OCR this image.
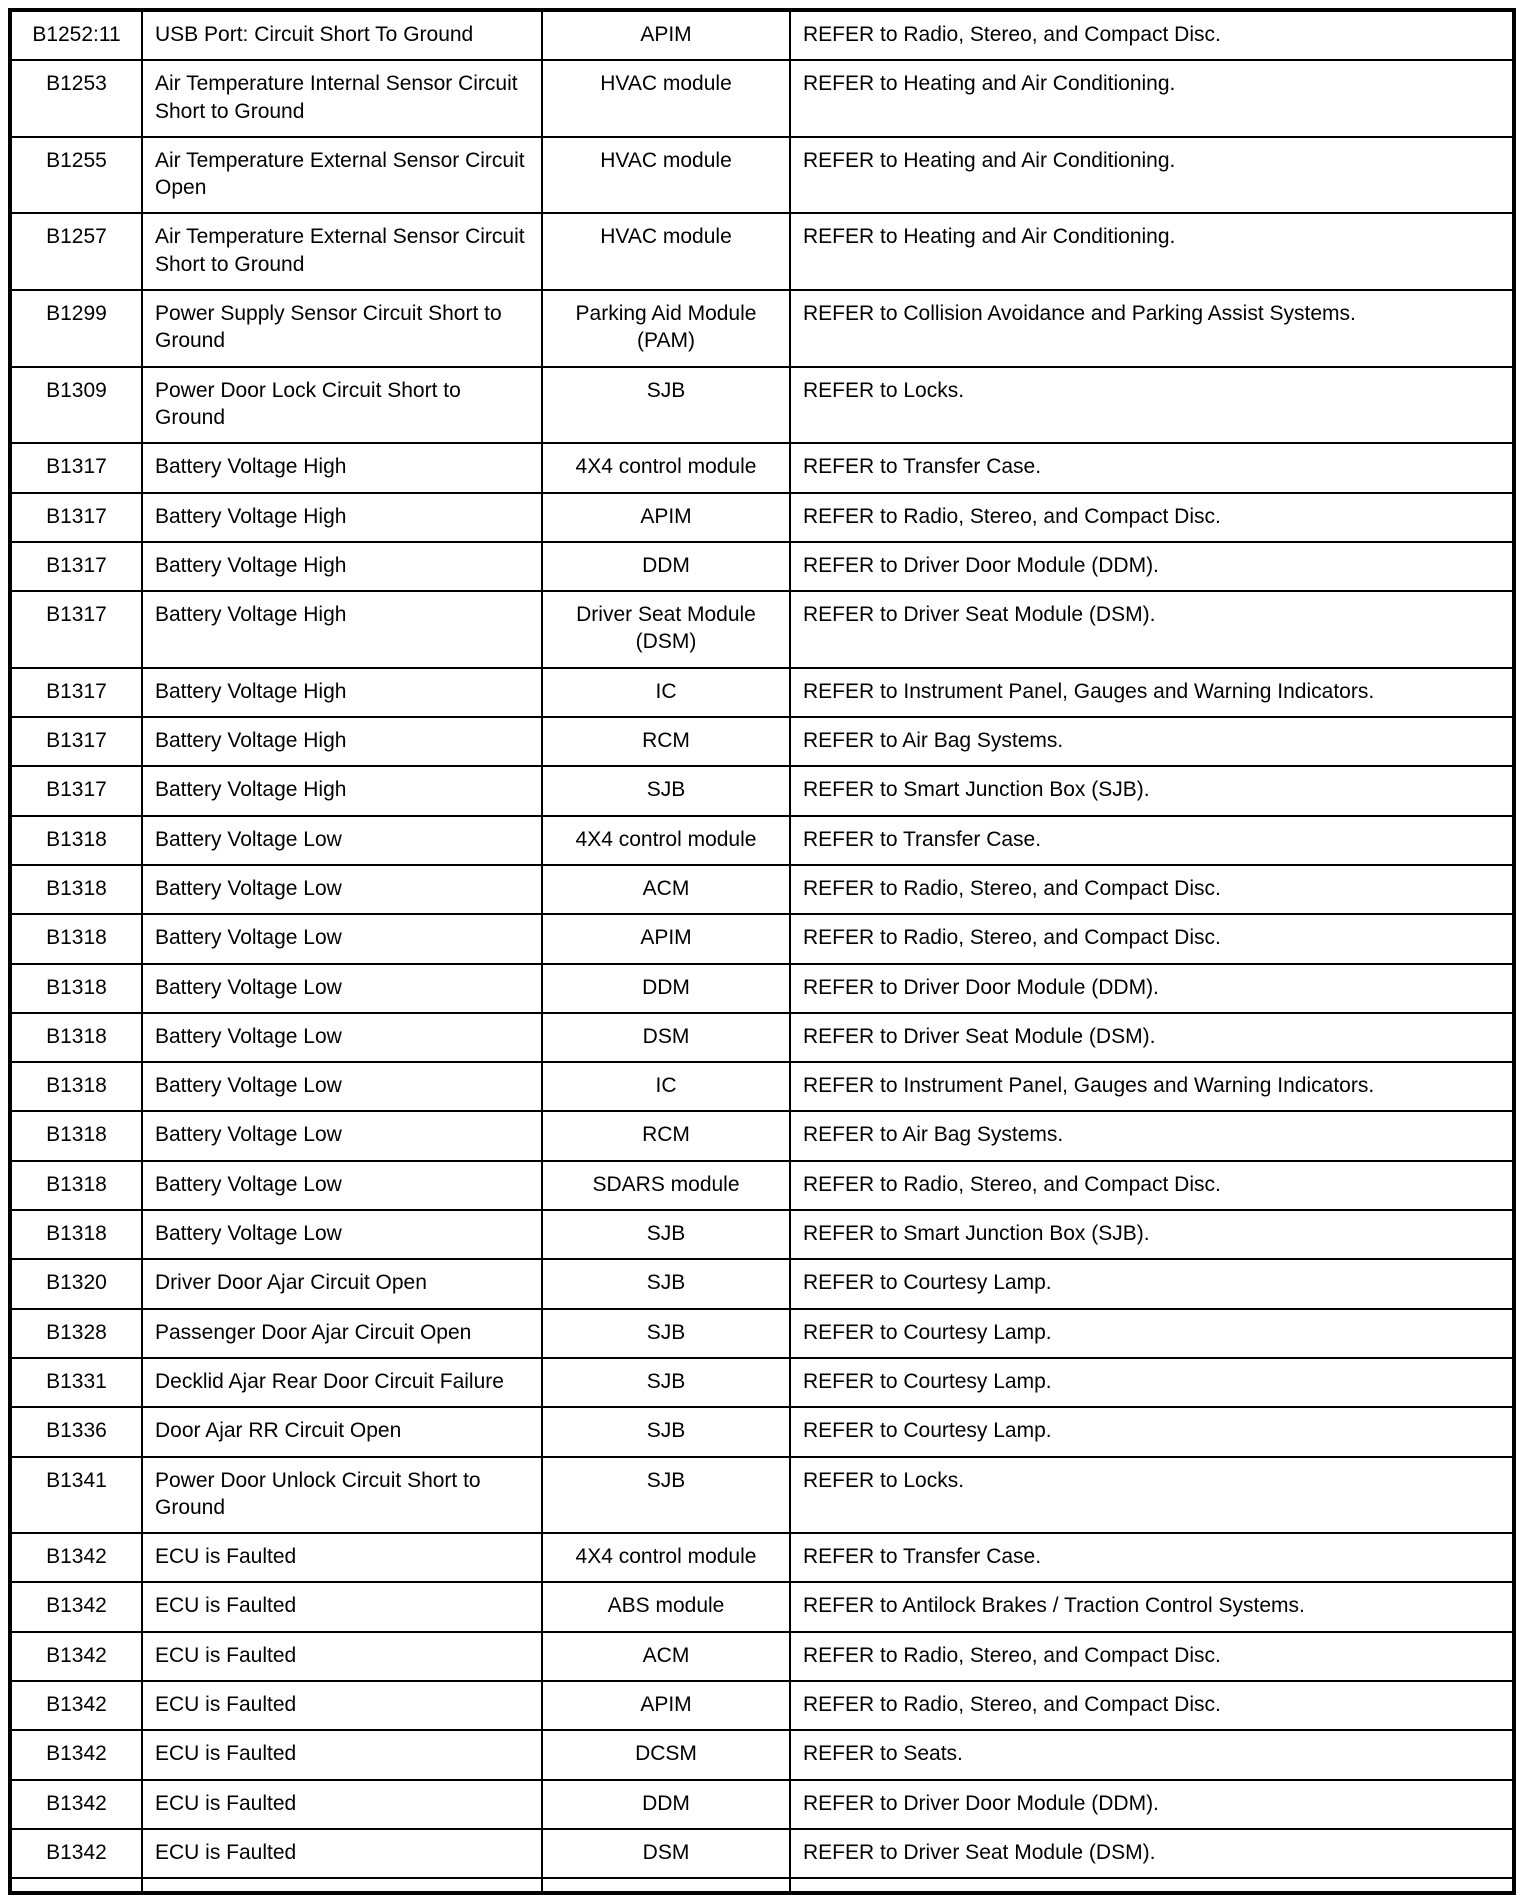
B1252:11	USB Port: Circuit Short To Ground	APIM	REFER to Radio, Stereo, and Compact Disc.
B1253	Air Temperature Internal Sensor Circuit Short to Ground	HVAC module	REFER to Heating and Air Conditioning.
B1255	Air Temperature External Sensor Circuit Open	HVAC module	REFER to Heating and Air Conditioning.
B1257	Air Temperature External Sensor Circuit Short to Ground	HVAC module	REFER to Heating and Air Conditioning.
B1299	Power Supply Sensor Circuit Short to Ground	Parking Aid Module (PAM)	REFER to Collision Avoidance and Parking Assist Systems.
B1309	Power Door Lock Circuit Short to Ground	SJB	REFER to Locks.
B1317	Battery Voltage High	4X4 control module	REFER to Transfer Case.
B1317	Battery Voltage High	APIM	REFER to Radio, Stereo, and Compact Disc.
B1317	Battery Voltage High	DDM	REFER to Driver Door Module (DDM).
B1317	Battery Voltage High	Driver Seat Module (DSM)	REFER to Driver Seat Module (DSM).
B1317	Battery Voltage High	IC	REFER to Instrument Panel, Gauges and Warning Indicators.
B1317	Battery Voltage High	RCM	REFER to Air Bag Systems.
B1317	Battery Voltage High	SJB	REFER to Smart Junction Box (SJB).
B1318	Battery Voltage Low	4X4 control module	REFER to Transfer Case.
B1318	Battery Voltage Low	ACM	REFER to Radio, Stereo, and Compact Disc.
B1318	Battery Voltage Low	APIM	REFER to Radio, Stereo, and Compact Disc.
B1318	Battery Voltage Low	DDM	REFER to Driver Door Module (DDM).
B1318	Battery Voltage Low	DSM	REFER to Driver Seat Module (DSM).
B1318	Battery Voltage Low	IC	REFER to Instrument Panel, Gauges and Warning Indicators.
B1318	Battery Voltage Low	RCM	REFER to Air Bag Systems.
B1318	Battery Voltage Low	SDARS module	REFER to Radio, Stereo, and Compact Disc.
B1318	Battery Voltage Low	SJB	REFER to Smart Junction Box (SJB).
B1320	Driver Door Ajar Circuit Open	SJB	REFER to Courtesy Lamp.
B1328	Passenger Door Ajar Circuit Open	SJB	REFER to Courtesy Lamp.
B1331	Decklid Ajar Rear Door Circuit Failure	SJB	REFER to Courtesy Lamp.
B1336	Door Ajar RR Circuit Open	SJB	REFER to Courtesy Lamp.
B1341	Power Door Unlock Circuit Short to Ground	SJB	REFER to Locks.
B1342	ECU is Faulted	4X4 control module	REFER to Transfer Case.
B1342	ECU is Faulted	ABS module	REFER to Antilock Brakes / Traction Control Systems.
B1342	ECU is Faulted	ACM	REFER to Radio, Stereo, and Compact Disc.
B1342	ECU is Faulted	APIM	REFER to Radio, Stereo, and Compact Disc.
B1342	ECU is Faulted	DCSM	REFER to Seats.
B1342	ECU is Faulted	DDM	REFER to Driver Door Module (DDM).
B1342	ECU is Faulted	DSM	REFER to Driver Seat Module (DSM).
